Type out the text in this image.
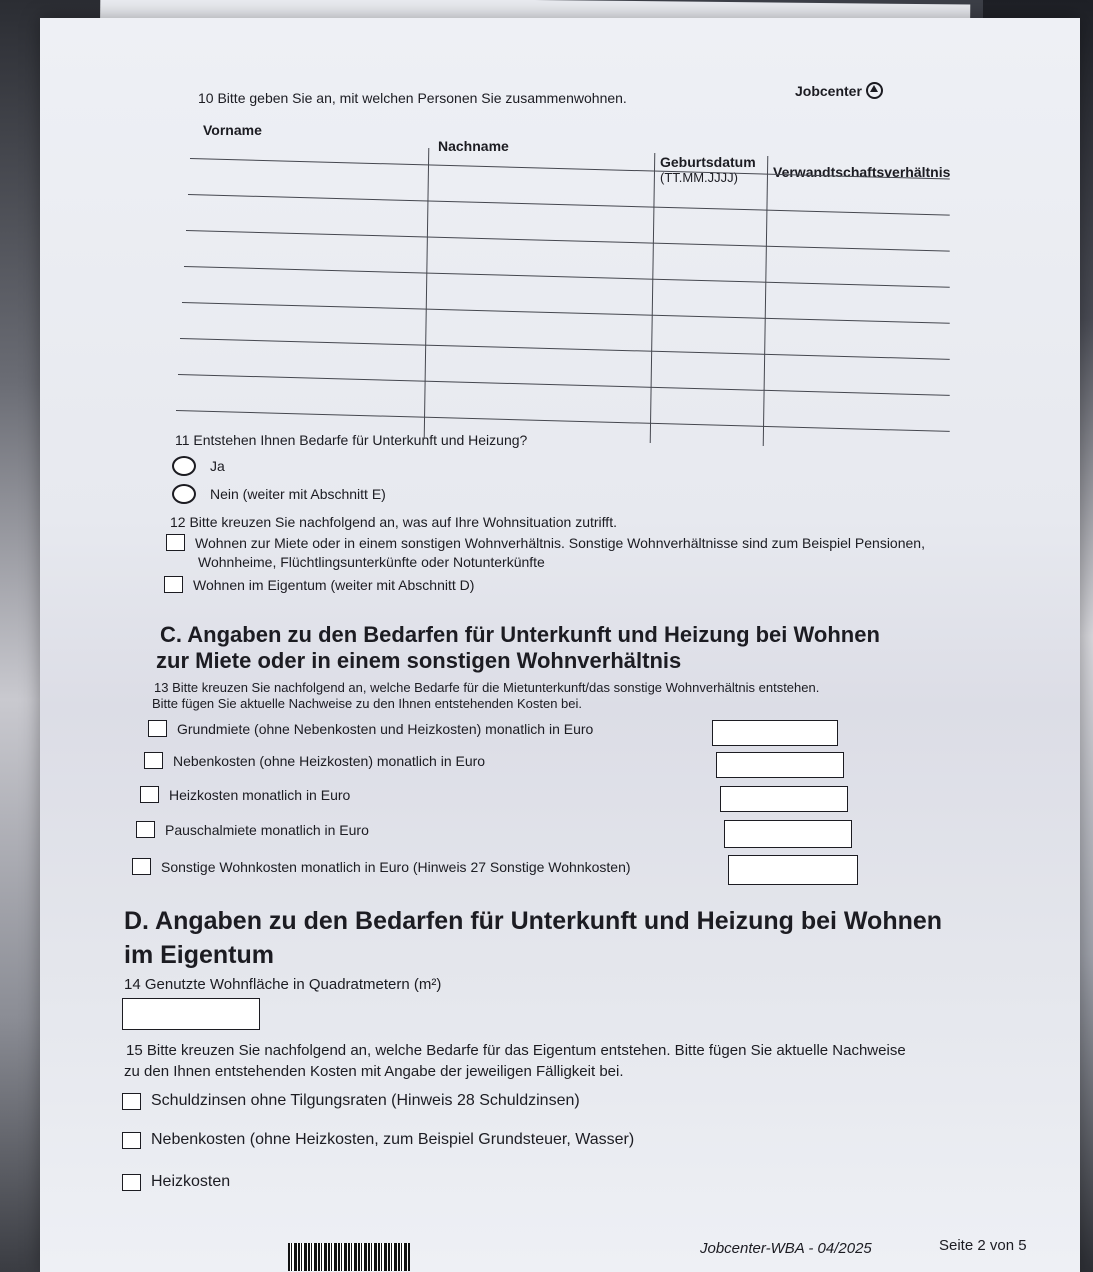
Jobcenter
10 Bitte geben Sie an, mit welchen Personen Sie zusammenwohnen.
Vorname
Nachname
Geburtsdatum
(TT.MM.JJJJ)	Verwandtschaftsverhältnis
11 Entstehen Ihnen Bedarfe für Unterkunft und Heizung?
Ja
Nein (weiter mit Abschnitt E)
12 Bitte kreuzen Sie nachfolgend an, was auf Ihre Wohnsituation zutrifft.
Wohnen zur Miete oder in einem sonstigen Wohnverhältnis. Sonstige Wohnverhältnisse sind zum Beispiel Pensionen,
Wohnheime, Flüchtlingsunterkünfte oder Notunterkünfte
Wohnen im Eigentum (weiter mit Abschnitt D)
C. Angaben zu den Bedarfen für Unterkunft und Heizung bei Wohnen
zur Miete oder in einem sonstigen Wohnverhältnis
13 Bitte kreuzen Sie nachfolgend an, welche Bedarfe für die Mietunterkunft/das sonstige Wohnverhältnis entstehen.
Bitte fügen Sie aktuelle Nachweise zu den Ihnen entstehenden Kosten bei.
Grundmiete (ohne Nebenkosten und Heizkosten) monatlich in Euro
Nebenkosten (ohne Heizkosten) monatlich in Euro
Heizkosten monatlich in Euro
Pauschalmiete monatlich in Euro
Sonstige Wohnkosten monatlich in Euro (Hinweis 27 Sonstige Wohnkosten)
D. Angaben zu den Bedarfen für Unterkunft und Heizung bei Wohnen
im Eigentum
14 Genutzte Wohnfläche in Quadratmetern (m²)
15 Bitte kreuzen Sie nachfolgend an, welche Bedarfe für das Eigentum entstehen. Bitte fügen Sie aktuelle Nachweise
zu den Ihnen entstehenden Kosten mit Angabe der jeweiligen Fälligkeit bei.
Schuldzinsen ohne Tilgungsraten (Hinweis 28 Schuldzinsen)
Nebenkosten (ohne Heizkosten, zum Beispiel Grundsteuer, Wasser)
Heizkosten
Jobcenter-WBA - 04/2025	Seite 2 von 5
